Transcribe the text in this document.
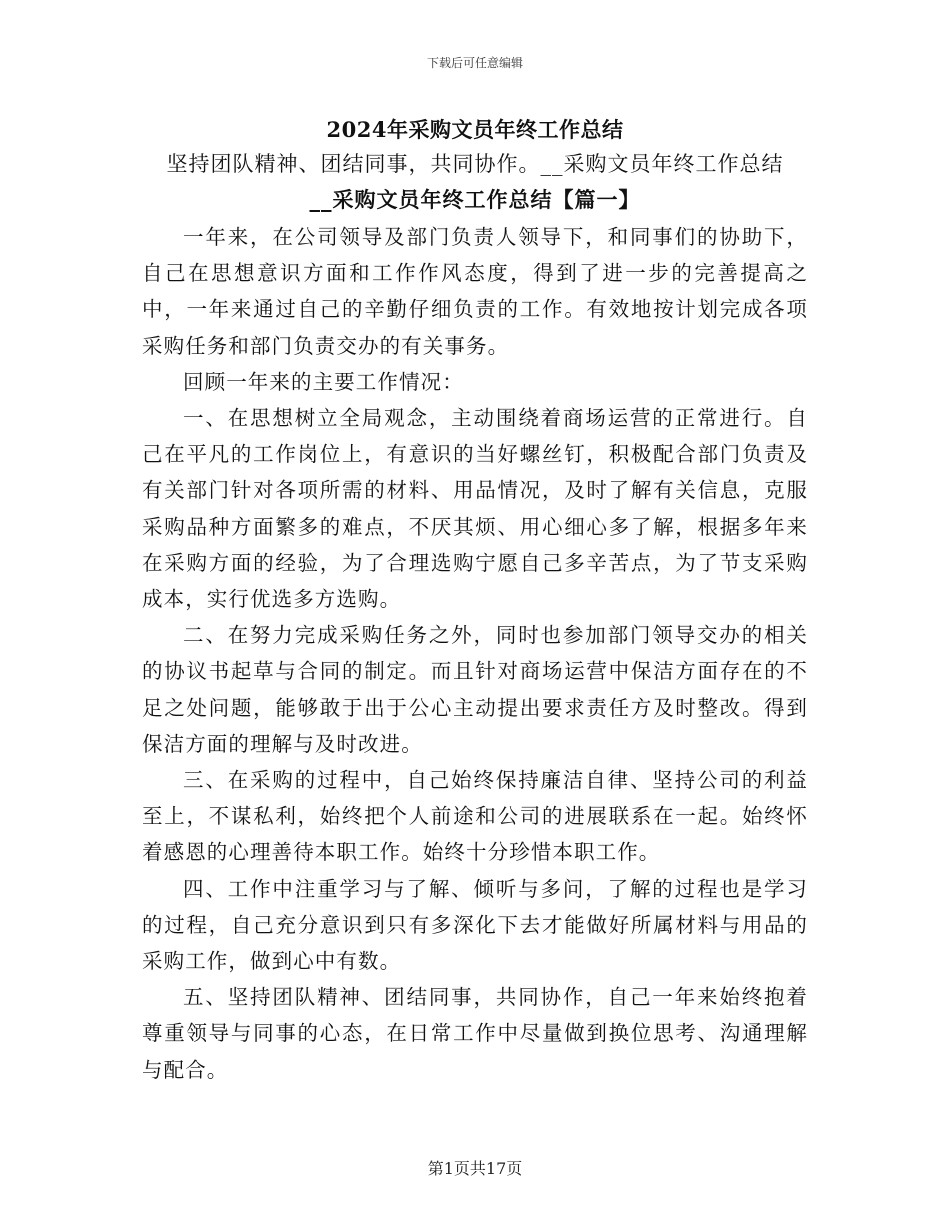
下载后可任意编辑
2024年采购文员年终工作总结
坚持团队精神、团结同事，共同协作。__采购文员年终工作总结
__采购文员年终工作总结【篇一】

一年来，在公司领导及部门负责人领导下，和同事们的协助下，自己在思想意识方面和工作作风态度，得到了进一步的完善提高之中，一年来通过自己的辛勤仔细负责的工作。有效地按计划完成各项采购任务和部门负责交办的有关事务。

回顾一年来的主要工作情况：

一、在思想树立全局观念，主动围绕着商场运营的正常进行。自己在平凡的工作岗位上，有意识的当好螺丝钉，积极配合部门负责及有关部门针对各项所需的材料、用品情况，及时了解有关信息，克服采购品种方面繁多的难点，不厌其烦、用心细心多了解，根据多年来在采购方面的经验，为了合理选购宁愿自己多辛苦点，为了节支采购成本，实行优选多方选购。

二、在努力完成采购任务之外，同时也参加部门领导交办的相关的协议书起草与合同的制定。而且针对商场运营中保洁方面存在的不足之处问题，能够敢于出于公心主动提出要求责任方及时整改。得到保洁方面的理解与及时改进。

三、在采购的过程中，自己始终保持廉洁自律、坚持公司的利益至上，不谋私利，始终把个人前途和公司的进展联系在一起。始终怀着感恩的心理善待本职工作。始终十分珍惜本职工作。

四、工作中注重学习与了解、倾听与多问，了解的过程也是学习的过程，自己充分意识到只有多深化下去才能做好所属材料与用品的采购工作，做到心中有数。

五、坚持团队精神、团结同事，共同协作，自己一年来始终抱着尊重领导与同事的心态，在日常工作中尽量做到换位思考、沟通理解与配合。

第1页共17页
